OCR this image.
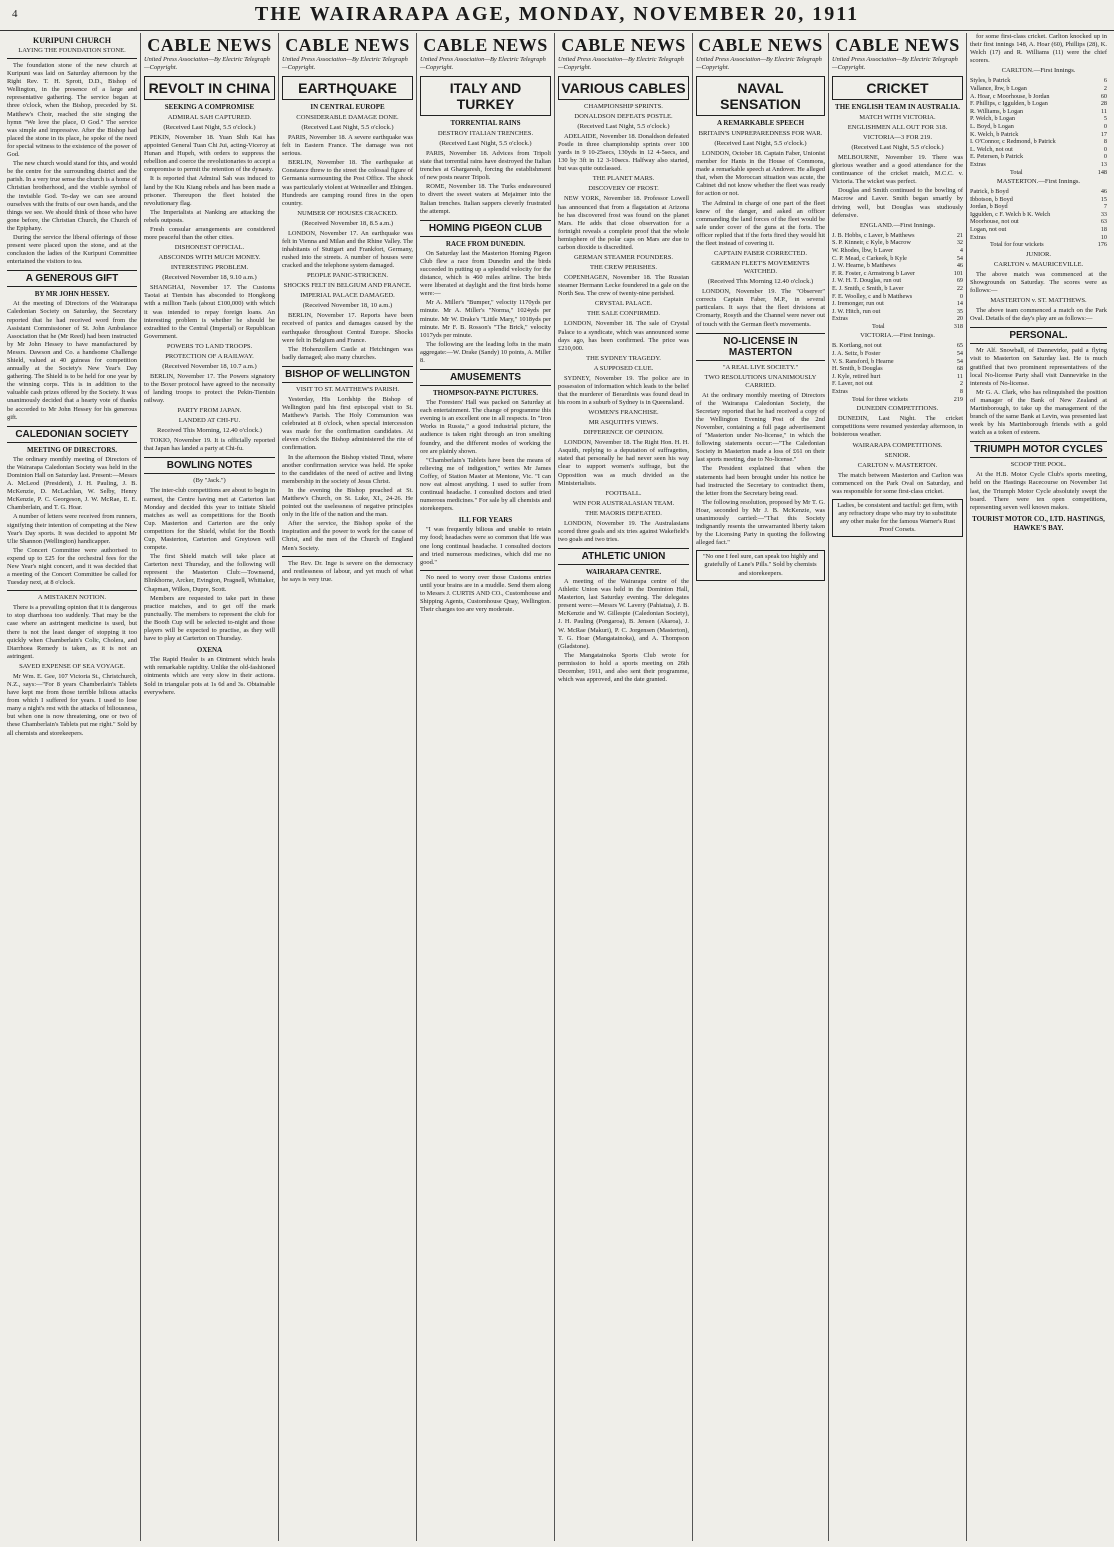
4	THE WAIRARAPA AGE, MONDAY, NOVEMBER 20, 1911
KURIPUNI CHURCH
LAYING THE FOUNDATION STONE.

The foundation stone of the new church at Kuripuni was laid on Saturday afternoon by the Right Rev. T. H. Sprott, D.D., Bishop of Wellington, in the presence of a large and representative gathering. The service began at three o'clock, when the Bishop, preceded by St. Matthew's Choir, reached the site singing the hymn "We love the place, O God." The service was simple and impressive. After the Bishop had placed the stone in its place, he spoke of the need for special witness to the existence of the power of God.

The new church would stand for this, and would be the centre for the surrounding district and the parish. In a very true sense the church is a home of Christian brotherhood, and the visible symbol of the invisible God. To-day we can see around ourselves with the fruits of our own hands, and the things we see. We should think of those who have gone before, the Christian Church, the Church of the Epiphany.

During the service the liberal offerings of those present were placed upon the stone, and at the conclusion the ladies of the Kuripuni Committee entertained the visitors to tea.

A GENEROUS GIFT
BY MR JOHN HESSEY.

At the meeting of Directors of the Wairarapa Caledonian Society on Saturday, the Secretary reported that he had received word from the Assistant Commissioner of St. John Ambulance Association that he (Mr Reed) had been instructed by Mr John Hessey to have manufactured by Messrs. Dawson and Co. a handsome Challenge Shield, valued at 40 guineas for competition annually at the Society's New Year's Day gathering. The Shield is to be held for one year by the winning corps. This is in addition to the valuable cash prizes offered by the Society. It was unanimously decided that a hearty vote of thanks be accorded to Mr John Hessey for his generous gift.

CALEDONIAN SOCIETY
MEETING OF DIRECTORS.

The ordinary monthly meeting of Directors of the Wairarapa Caledonian Society was held in the Dominion Hall on Saturday last. Present:—Messrs A. McLeod (President), J. H. Pauling, J. B. McKenzie, D. McLachlan, W. Selby, Henry McKenzie, P. C. Georgeson, J. W. McRae, E. E. Chamberlain, and T. G. Hoar.

A number of letters were received from runners, signifying their intention of competing at the New Year's Day sports. It was decided to appoint Mr Ulie Shannon (Wellington) handicapper.

The Concert Committee were authorised to expend up to £25 for the orchestral fees for the New Year's night concert, and it was decided that a meeting of the Concert Committee be called for Tuesday next, at 8 o'clock.

A MISTAKEN NOTION.

There is a prevailing opinion that it is dangerous to stop diarrhoea too suddenly. That may be the case where an astringent medicine is used, but there is not the least danger of stopping it too quickly when Chamberlain's Colic, Cholera, and Diarrhoea Remedy is taken, as it is not an astringent.

SAVED EXPENSE OF SEA VOYAGE.

Mr Wm. E. Gee, 107 Victoria St., Christchurch, N.Z., says:—"For 8 years Chamberlain's Tablets have kept me from those terrible bilious attacks from which I suffered for years. I used to lose many a night's rest with the attacks of biliousness, but when one is now threatening, one or two of these Chamberlain's Tablets put me right." Sold by all chemists and storekeepers.

CABLE NEWS
United Press Association—By Electric Telegraph—Copyright.
REVOLT IN CHINA
SEEKING A COMPROMISE
ADMIRAL SAH CAPTURED.
(Received Last Night, 5.5 o'clock.)

PEKIN, November 18. Yuan Shih Kai has appointed General Tuan Chi Jui, acting-Viceroy at Hunan and Hupeh, with orders to suppress the rebellion and coerce the revolutionaries to accept a compromise to permit the retention of the dynasty.

It is reported that Admiral Sah was induced to land by the Kiu Kiang rebels and has been made a prisoner. Thereupon the fleet hoisted the revolutionary flag.

The Imperialists at Nanking are attacking the rebels outposts.

Fresh consular arrangements are considered more peaceful than the other cities.

DISHONEST OFFICIAL.
ABSCONDS WITH MUCH MONEY.
INTERESTING PROBLEM.
(Received November 18, 9.10 a.m.)

SHANGHAI, November 17. The Customs Taotai at Tientsin has absconded to Hongkong with a million Taels (about £100,000) with which it was intended to repay foreign loans. An interesting problem is whether he should be extradited to the Central (Imperial) or Republican Government.

POWERS TO LAND TROOPS.
PROTECTION OF A RAILWAY.
(Received November 18, 10.7 a.m.)

BERLIN, November 17. The Powers signatory to the Boxer protocol have agreed to the necessity of landing troops to protect the Pekin-Tientsin railway.

PARTY FROM JAPAN.
LANDED AT CHI-FU.
Received This Morning, 12.40 o'clock.)

TOKIO, November 19. It is officially reported that Japan has landed a party at Chi-fu.

BOWLING NOTES
(By "Jack.")

The inter-club competitions are about to begin in earnest, the Centre having met at Carterton last Monday and decided this year to initiate Shield matches as well as competitions for the Booth Cup. Masterton and Carterton are the only competitors for the Shield, whilst for the Booth Cup, Masterton, Carterton and Greytown will compete.

The first Shield match will take place at Carterton next Thursday, and the following will represent the Masterton Club:—Townsend, Blinkhorne, Arcker, Evington, Pragnell, Whittaker, Chapman, Wilkes, Dupre, Scott.

Members are requested to take part in these practice matches, and to get off the mark punctually. The members to represent the club for the Booth Cup will be selected to-night and those players will be expected to practise, as they will have to play at Carterton on Thursday.

OXENA

The Rapid Healer is an Ointment which heals with remarkable rapidity. Unlike the old-fashioned ointments which are very slow in their actions. Sold in triangular pots at 1s 6d and 3s. Obtainable everywhere.

CABLE NEWS
United Press Association—By Electric Telegraph—Copyright.
EARTHQUAKE
IN CENTRAL EUROPE
CONSIDERABLE DAMAGE DONE.
(Received Last Night, 5.5 o'clock.)

PARIS, November 18. A severe earthquake was felt in Eastern France. The damage was not serious.

BERLIN, November 18. The earthquake at Constance threw to the street the colossal figure of Germania surmounting the Post Office. The shock was particularly violent at Weinzeller and Ebingen. Hundreds are camping round fires in the open country.

NUMBER OF HOUSES CRACKED.
(Received November 18, 8.5 a.m.)

LONDON, November 17. An earthquake was felt in Vienna and Milan and the Rhine Valley. The inhabitants of Stuttgart and Frankfort, Germany, rushed into the streets. A number of houses were cracked and the telephone system damaged.

PEOPLE PANIC-STRICKEN.
SHOCKS FELT IN BELGIUM AND FRANCE.
IMPERIAL PALACE DAMAGED.
(Received November 18, 10 a.m.)

BERLIN, November 17. Reports have been received of panics and damages caused by the earthquake throughout Central Europe. Shocks were felt in Belgium and France.

The Hohenzollern Castle at Hetchingen was badly damaged; also many churches.

BISHOP OF WELLINGTON
VISIT TO ST. MATTHEW'S PARISH.

Yesterday, His Lordship the Bishop of Wellington paid his first episcopal visit to St. Matthew's Parish. The Holy Communion was celebrated at 8 o'clock, when special intercession was made for the confirmation candidates. At eleven o'clock the Bishop administered the rite of confirmation.

In the afternoon the Bishop visited Tinui, where another confirmation service was held. He spoke to the candidates of the need of active and living membership in the society of Jesus Christ.

In the evening the Bishop preached at St. Matthew's Church, on St. Luke, XI., 24-26. He pointed out the uselessness of negative principles only in the life of the nation and the man.

After the service, the Bishop spoke of the inspiration and the power to work for the cause of Christ, and the men of the Church of England Men's Society.

The Rev. Dr. Inge is severe on the democracy and restlessness of labour, and yet much of what he says is very true.

CABLE NEWS
United Press Association—By Electric Telegraph—Copyright.
ITALY AND TURKEY
TORRENTIAL RAINS
DESTROY ITALIAN TRENCHES.
(Received Last Night, 5.5 o'clock.)

PARIS, November 18. Advices from Tripoli state that torrential rains have destroyed the Italian trenches at Ghargaresh, forcing the establishment of new posts nearer Tripoli.

ROME, November 18. The Turks endeavoured to divert the sweet waters at Mejaimer into the Italian trenches. Italian sappers cleverly frustrated the attempt.

HOMING PIGEON CLUB
RACE FROM DUNEDIN.

On Saturday last the Masterton Homing Pigeon Club flew a race from Dunedin and the birds succeeded in putting up a splendid velocity for the distance, which is 460 miles airline. The birds were liberated at daylight and the first birds home were:—

Mr A. Miller's "Bumper," velocity 1170yds per minute. Mr A. Miller's "Norma," 1024yds per minute. Mr W. Drake's "Little Mary," 1018yds per minute. Mr F. B. Rosson's "The Brick," velocity 1017yds per minute.

The following are the leading lofts in the main aggregate:—W. Drake (Sandy) 10 points, A. Miller 8.

AMUSEMENTS
THOMPSON-PAYNE PICTURES.

The Foresters' Hall was packed on Saturday at each entertainment. The change of programme this evening is an excellent one in all respects. In "Iron Works in Russia," a good industrial picture, the audience is taken right through an iron smelting foundry, and the different modes of working the ore are plainly shown.

"Chamberlain's Tablets have been the means of relieving me of indigestion," writes Mr James Coffey, of Station Master at Mentone, Vic. "I can now eat almost anything. I used to suffer from continual headache. I consulted doctors and tried numerous medicines." For sale by all chemists and storekeepers.

ILL FOR YEARS

"I was frequently bilious and unable to retain my food; headaches were so common that life was one long continual headache. I consulted doctors and tried numerous medicines, which did me no good."

No need to worry over those Customs entries until your brains are in a muddle. Send them along to Messrs J. CURTIS AND CO., Customhouse and Shipping Agents, Customhouse Quay, Wellington. Their charges too are very moderate.

CABLE NEWS
United Press Association—By Electric Telegraph—Copyright.
VARIOUS CABLES
CHAMPIONSHIP SPRINTS.
DONALDSON DEFEATS POSTLE.
(Received Last Night, 5.5 o'clock.)

ADELAIDE, November 18. Donaldson defeated Postle in three championship sprints over 100 yards in 9 10-25secs, 130yds in 12 4-5secs, and 130 by 3ft in 12 3-10secs. Halfway also started, but was quite outclassed.

THE PLANET MARS.
DISCOVERY OF FROST.

NEW YORK, November 18. Professor Lowell has announced that from a flagstation at Arizona he has discovered frost was found on the planet Mars. He adds that close observation for a fortnight reveals a complete proof that the whole hemisphere of the polar caps on Mars are due to carbon dioxide is discredited.

GERMAN STEAMER FOUNDERS.
THE CREW PERISHES.

COPENHAGEN, November 18. The Russian steamer Hermann Lecke foundered in a gale on the North Sea. The crew of twenty-nine perished.

CRYSTAL PALACE.
THE SALE CONFIRMED.

LONDON, November 18. The sale of Crystal Palace to a syndicate, which was announced some days ago, has been confirmed. The price was £210,000.

THE SYDNEY TRAGEDY.
A SUPPOSED CLUE.

SYDNEY, November 19. The police are in possession of information which leads to the belief that the murderer of Berardinis was found dead in his room in a suburb of Sydney is in Queensland.

WOMEN'S FRANCHISE.
MR ASQUITH'S VIEWS.
DIFFERENCE OF OPINION.

LONDON, November 18. The Right Hon. H. H. Asquith, replying to a deputation of suffragettes, stated that personally he had never seen his way clear to support women's suffrage, but the Opposition was as much divided as the Ministerialists.

FOOTBALL.
WIN FOR AUSTRALASIAN TEAM.
THE MAORIS DEFEATED.

LONDON, November 19. The Australasians scored three goals and six tries against Wakefield's two goals and two tries.

ATHLETIC UNION
WAIRARAPA CENTRE.

A meeting of the Wairarapa centre of the Athletic Union was held in the Dominion Hall, Masterton, last Saturday evening. The delegates present were:—Messrs W. Lavery (Pahiatua), J. B. McKenzie and W. Gillespie (Caledonian Society), J. H. Pauling (Pongaroa), B. Jensen (Akaroa), J. W. McRae (Makuri), P. C. Jorgensen (Masterton), T. G. Hoar (Mangatainoka), and A. Thompson (Gladstone).

The Mangatainoka Sports Club wrote for permission to hold a sports meeting on 26th December, 1911, and also sent their programme, which was approved, and the date granted.

CABLE NEWS
United Press Association—By Electric Telegraph—Copyright.
NAVAL SENSATION
A REMARKABLE SPEECH
BRITAIN'S UNPREPAREDNESS FOR WAR.
(Received Last Night, 5.5 o'clock.)

LONDON, October 18. Captain Faber, Unionist member for Hants in the House of Commons, made a remarkable speech at Andover. He alleged that, when the Moroccan situation was acute, the Cabinet did not know whether the fleet was ready for action or not.

The Admiral in charge of one part of the fleet knew of the danger, and asked an officer commanding the land forces of the fleet would be safe under cover of the guns at the forts. The officer replied that if the forts fired they would hit the fleet instead of covering it.

CAPTAIN FABER CORRECTED.
GERMAN FLEET'S MOVEMENTS WATCHED.
(Received This Morning 12.40 o'clock.)

LONDON, November 19. The "Observer" corrects Captain Faber, M.P., in several particulars. It says that the fleet divisions at Cromarty, Rosyth and the Channel were never out of touch with the German fleet's movements.

NO-LICENSE IN MASTERTON
"A REAL LIVE SOCIETY."
TWO RESOLUTIONS UNANIMOUSLY CARRIED.

At the ordinary monthly meeting of Directors of the Wairarapa Caledonian Society, the Secretary reported that he had received a copy of the Wellington Evening Post of the 2nd November, containing a full page advertisement of "Masterton under No-license," in which the following statements occur:—"The Caledonian Society in Masterton made a loss of £61 on their last sports meeting, due to No-license."

The President explained that when the statements had been brought under his notice he had instructed the Secretary to contradict them, the letter from the Secretary being read.

The following resolution, proposed by Mr T. G. Hoar, seconded by Mr J. B. McKenzie, was unanimously carried:—"That this Society indignantly resents the unwarranted liberty taken by the Licensing Party in quoting the following alleged fact."

"No one I feel sure, can speak too highly and gratefully of Lane's Pills." Sold by chemists and storekeepers.
CABLE NEWS
United Press Association—By Electric Telegraph—Copyright.
CRICKET
THE ENGLISH TEAM IN AUSTRALIA.
MATCH WITH VICTORIA.
ENGLISHMEN ALL OUT FOR 318.
VICTORIA—3 FOR 219.
(Received Last Night, 5.5 o'clock.)

MELBOURNE, November 19. There was glorious weather and a good attendance for the continuance of the cricket match, M.C.C. v. Victoria. The wicket was perfect.

Douglas and Smith continued to the bowling of Macrow and Laver. Smith began smartly by driving well, but Douglas was studiously defensive.

ENGLAND.—First Innings.
J. B. Hobbs, c Laver, b Matthews	21
S. P. Kinneir, c Kyle, b Macrow	32
W. Rhodes, lbw, b Laver	4
C. P. Mead, c Carkeek, b Kyle	54
J. W. Hearne, b Matthews	46
F. R. Foster, c Armstrong b Laver	101
J. W. H. T. Douglas, run out	69
E. J. Smith, c Smith, b Laver	22
F. E. Woolley, c and b Matthews	0
J. Iremonger, run out	14
J. W. Hitch, run out	35
Extras	20
Total	318
VICTORIA.—First Innings.
B. Kortlang, not out	65
J. A. Seitz, b Foster	54
V. S. Ransford, b Hearne	54
H. Smith, b Douglas	68
J. Kyle, retired hurt	11
F. Laver, not out	2
Extras	8
Total for three wickets	219
DUNEDIN COMPETITIONS.

DUNEDIN, Last Night. The cricket competitions were resumed yesterday afternoon, in boisterous weather.

WAIRARAPA COMPETITIONS.
SENIOR.
CARLTON v. MASTERTON.

The match between Masterton and Carlton was commenced on the Park Oval on Saturday, and was responsible for some first-class cricket.

Ladies, be consistent and tactful: get firm, with any refractory drape who may try to substitute any other make for the famous Warner's Rust Proof Corsets.

for some first-class cricket. Carlton knocked up in their first innings 148, A. Hoar (60), Phillips (28), K. Welch (17) and R. Williams (11) were the chief scorers.

CARLTON.—First Innings.
Styles, b Patrick	6
Vallance, lbw, b Logan	2
A. Hoar, c Moorhouse, b Jordan	60
F. Phillips, c Iggulden, b Logan	28
R. Williams, b Logan	11
P. Welch, b Logan	5
L. Boyd, b Logan	0
K. Welch, b Patrick	17
I. O'Connor, c Redmond, b Patrick	8
L. Welch, not out	0
E. Petersen, b Patrick	0
Extras	13
Total	148
MASTERTON.—First Innings.
Patrick, b Boyd	46
Ibbotson, b Boyd	15
Jordan, b Boyd	7
Iggulden, c F. Welch b K. Welch	33
Moorhouse, not out	63
Logan, not out	18
Extras	10
Total for four wickets	176
JUNIOR.
CARLTON v. MAURICEVILLE.

The above match was commenced at the Showgrounds on Saturday. The scores were as follows:—

MASTERTON v. ST. MATTHEWS.

The above team commenced a match on the Park Oval. Details of the day's play are as follows:—

PERSONAL.

Mr Alf. Snowball, of Dannevirke, paid a flying visit to Masterton on Saturday last. He is much gratified that two prominent representatives of the local No-license Party shall visit Dannevirke in the interests of No-license.

Mr G. A. Clark, who has relinquished the position of manager of the Bank of New Zealand at Martinborough, to take up the management of the branch of the same Bank at Levin, was presented last week by his Martinborough friends with a gold watch as a token of esteem.

TRIUMPH MOTOR CYCLES
SCOOP THE POOL.

At the H.B. Motor Cycle Club's sports meeting, held on the Hastings Racecourse on November 1st last, the Triumph Motor Cycle absolutely swept the board. There were ten open competitions, representing seven well known makes.

TOURIST MOTOR CO., LTD. HASTINGS, HAWKE'S BAY.
